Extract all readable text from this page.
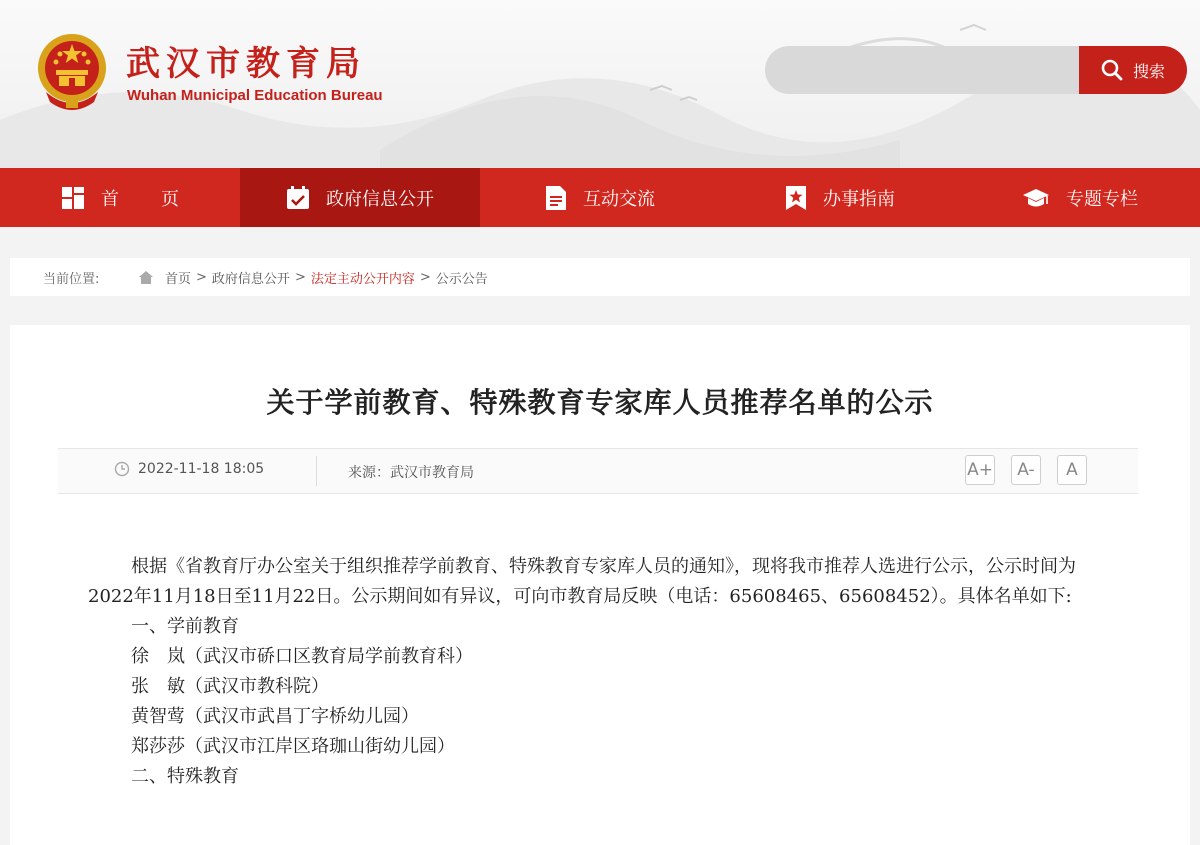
武汉市教育局
Wuhan Municipal Education Bureau
搜索
首页	政府信息公开	互动交流	办事指南	专题专栏
当前位置:	首页 > 政府信息公开 > 法定主动公开内容 > 公示公告
关于学前教育、特殊教育专家库人员推荐名单的公示
2022-11-18 18:05	来源：武汉市教育局	A+ A- A

根据《省教育厅办公室关于组织推荐学前教育、特殊教育专家库人员的通知》，现将我市推荐人选进行公示，公示时间为2022年11月18日至11月22日。公示期间如有异议，可向市教育局反映（电话：65608465、65608452）。具体名单如下:

一、学前教育

徐　岚（武汉市硚口区教育局学前教育科）

张　敏（武汉市教科院）

黄智莺（武汉市武昌丁字桥幼儿园）

郑莎莎（武汉市江岸区珞珈山街幼儿园）

二、特殊教育
